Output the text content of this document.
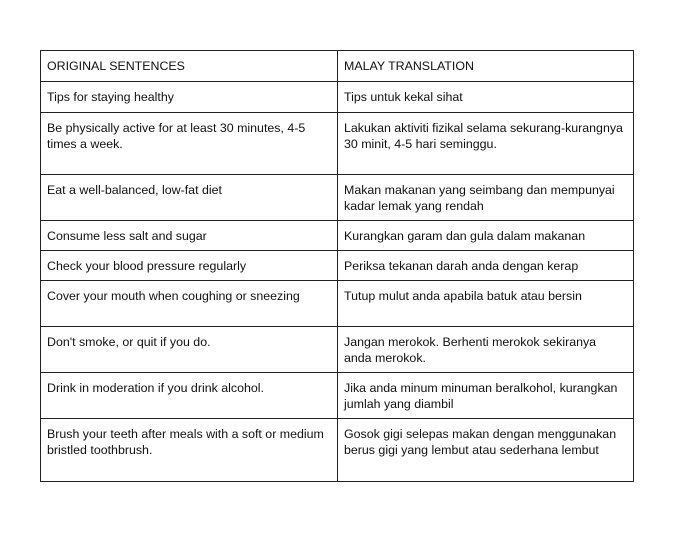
ORIGINAL SENTENCES	MALAY TRANSLATION
Tips for staying healthy	Tips untuk kekal sihat
Be physically active for at least 30 minutes, 4-5 times a week.	Lakukan aktiviti fizikal selama sekurang-kurangnya 30 minit, 4-5 hari seminggu.
Eat a well-balanced, low-fat diet	Makan makanan yang seimbang dan mempunyai kadar lemak yang rendah
Consume less salt and sugar	Kurangkan garam dan gula dalam makanan
Check your blood pressure regularly	Periksa tekanan darah anda dengan kerap
Cover your mouth when coughing or sneezing	Tutup mulut anda apabila batuk atau bersin
Don't smoke, or quit if you do.	Jangan merokok. Berhenti merokok sekiranya anda merokok.
Drink in moderation if you drink alcohol.	Jika anda minum minuman beralkohol, kurangkan jumlah yang diambil
Brush your teeth after meals with a soft or medium bristled toothbrush.	Gosok gigi selepas makan dengan menggunakan berus gigi yang lembut atau sederhana lembut
